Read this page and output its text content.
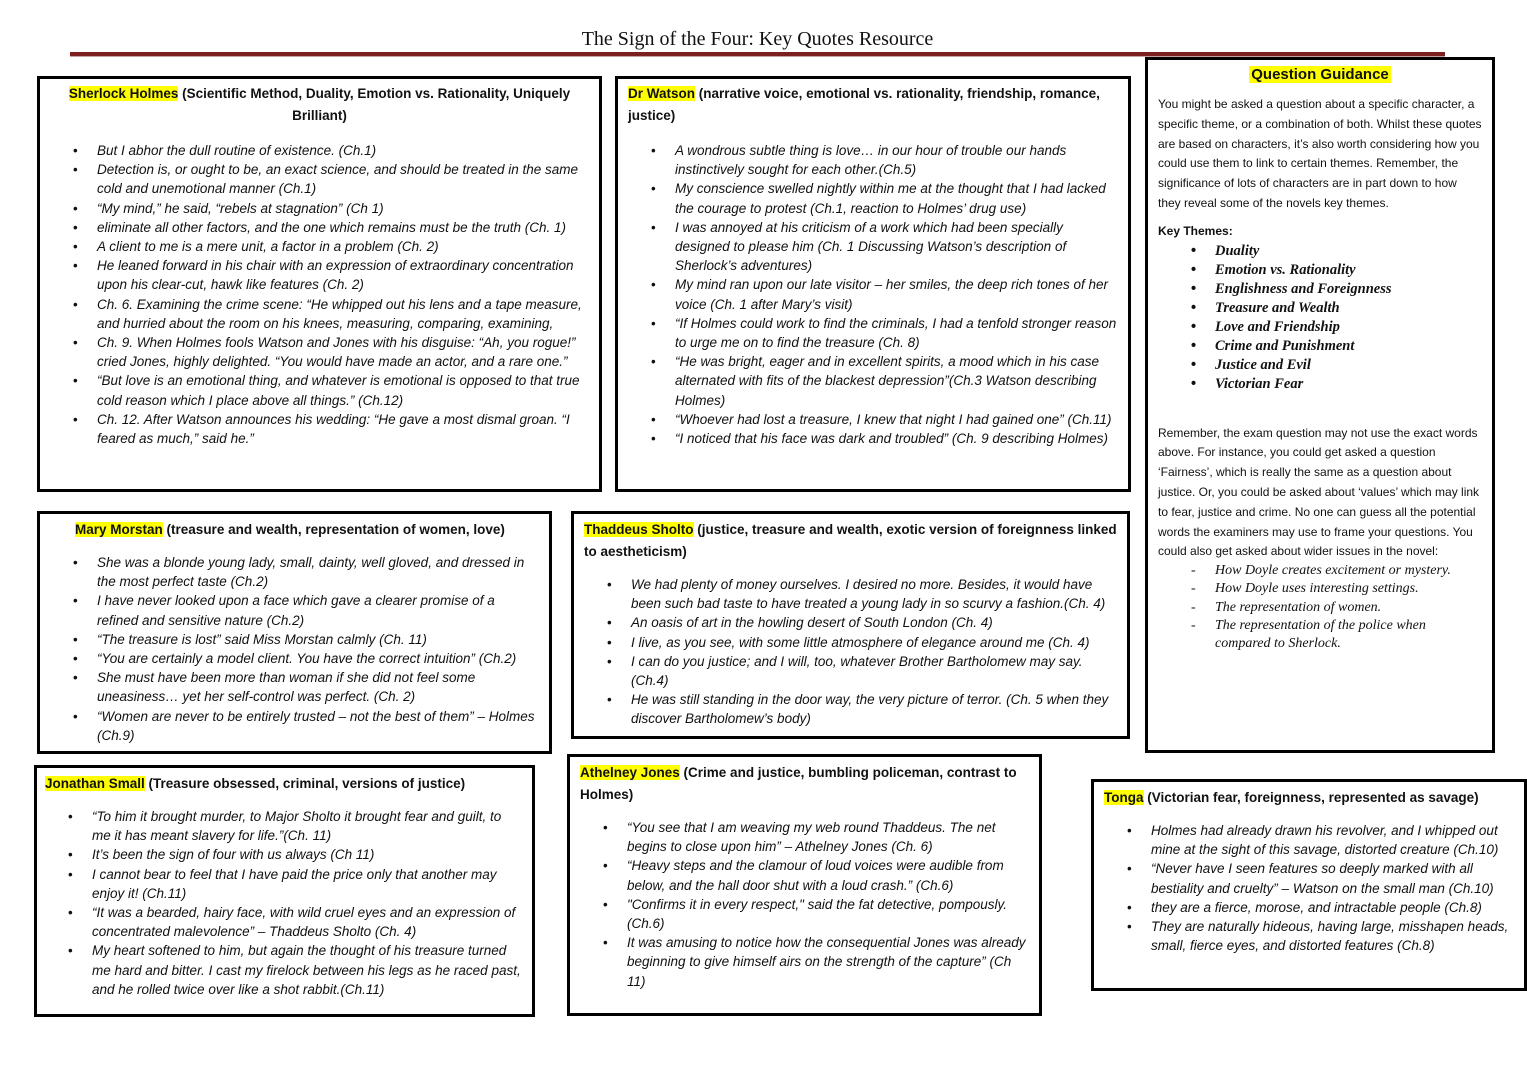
The Sign of the Four: Key Quotes Resource
Sherlock Holmes (Scientific Method, Duality, Emotion vs. Rationality, Uniquely Brilliant)
• But I abhor the dull routine of existence. (Ch.1)
• Detection is, or ought to be, an exact science, and should be treated in the same cold and unemotional manner (Ch.1)
• “My mind,” he said, “rebels at stagnation” (Ch 1)
• eliminate all other factors, and the one which remains must be the truth (Ch. 1)
• A client to me is a mere unit, a factor in a problem (Ch. 2)
• He leaned forward in his chair with an expression of extraordinary concentration upon his clear-cut, hawk like features (Ch. 2)
• Ch. 6. Examining the crime scene: “He whipped out his lens and a tape measure, and hurried about the room on his knees, measuring, comparing, examining,
• Ch. 9. When Holmes fools Watson and Jones with his disguise: “Ah, you rogue!” cried Jones, highly delighted. “You would have made an actor, and a rare one.”
• “But love is an emotional thing, and whatever is emotional is opposed to that true cold reason which I place above all things.” (Ch.12)
• Ch. 12. After Watson announces his wedding: “He gave a most dismal groan. “I feared as much,” said he.”
Dr Watson (narrative voice, emotional vs. rationality, friendship, romance, justice)
• A wondrous subtle thing is love… in our hour of trouble our hands instinctively sought for each other.(Ch.5)
• My conscience swelled nightly within me at the thought that I had lacked the courage to protest (Ch.1, reaction to Holmes’ drug use)
• I was annoyed at his criticism of a work which had been specially designed to please him (Ch. 1 Discussing Watson’s description of Sherlock’s adventures)
• My mind ran upon our late visitor – her smiles, the deep rich tones of her voice (Ch. 1 after Mary’s visit)
• “If Holmes could work to find the criminals, I had a tenfold stronger reason to urge me on to find the treasure (Ch. 8)
• “He was bright, eager and in excellent spirits, a mood which in his case alternated with fits of the blackest depression”(Ch.3 Watson describing Holmes)
• “Whoever had lost a treasure, I knew that night I had gained one” (Ch.11)
• “I noticed that his face was dark and troubled” (Ch. 9 describing Holmes)
Question Guidance

You might be asked a question about a specific character, a specific theme, or a combination of both. Whilst these quotes are based on characters, it’s also worth considering how you could use them to link to certain themes. Remember, the significance of lots of characters are in part down to how they reveal some of the novels key themes.

Key Themes:

• Duality
• Emotion vs. Rationality
• Englishness and Foreignness
• Treasure and Wealth
• Love and Friendship
• Crime and Punishment
• Justice and Evil
• Victorian Fear

Remember, the exam question may not use the exact words above. For instance, you could get asked a question ‘Fairness’, which is really the same as a question about justice. Or, you could be asked about ‘values’ which may link to fear, justice and crime. No one can guess all the potential words the examiners may use to frame your questions. You could also get asked about wider issues in the novel:

- How Doyle creates excitement or mystery.
- How Doyle uses interesting settings.
- The representation of women.
- The representation of the police when compared to Sherlock.
Mary Morstan (treasure and wealth, representation of women, love)
• She was a blonde young lady, small, dainty, well gloved, and dressed in the most perfect taste (Ch.2)
• I have never looked upon a face which gave a clearer promise of a refined and sensitive nature (Ch.2)
• “The treasure is lost” said Miss Morstan calmly (Ch. 11)
• “You are certainly a model client. You have the correct intuition” (Ch.2)
• She must have been more than woman if she did not feel some uneasiness… yet her self-control was perfect. (Ch. 2)
• “Women are never to be entirely trusted – not the best of them” – Holmes (Ch.9)
Thaddeus Sholto (justice, treasure and wealth, exotic version of foreignness linked to aestheticism)
• We had plenty of money ourselves. I desired no more. Besides, it would have been such bad taste to have treated a young lady in so scurvy a fashion.(Ch. 4)
• An oasis of art in the howling desert of South London (Ch. 4)
• I live, as you see, with some little atmosphere of elegance around me (Ch. 4)
• I can do you justice; and I will, too, whatever Brother Bartholomew may say. (Ch.4)
• He was still standing in the door way, the very picture of terror. (Ch. 5 when they discover Bartholomew’s body)
Jonathan Small (Treasure obsessed, criminal, versions of justice)
• “To him it brought murder, to Major Sholto it brought fear and guilt, to me it has meant slavery for life.”(Ch. 11)
• It’s been the sign of four with us always (Ch 11)
• I cannot bear to feel that I have paid the price only that another may enjoy it! (Ch.11)
• “It was a bearded, hairy face, with wild cruel eyes and an expression of concentrated malevolence” – Thaddeus Sholto (Ch. 4)
• My heart softened to him, but again the thought of his treasure turned me hard and bitter. I cast my firelock between his legs as he raced past, and he rolled twice over like a shot rabbit.(Ch.11)
Athelney Jones (Crime and justice, bumbling policeman, contrast to Holmes)
• “You see that I am weaving my web round Thaddeus. The net begins to close upon him” – Athelney Jones (Ch. 6)
• “Heavy steps and the clamour of loud voices were audible from below, and the hall door shut with a loud crash.” (Ch.6)
• "Confirms it in every respect," said the fat detective, pompously. (Ch.6)
• It was amusing to notice how the consequential Jones was already beginning to give himself airs on the strength of the capture” (Ch 11)
Tonga (Victorian fear, foreignness, represented as savage)
• Holmes had already drawn his revolver, and I whipped out mine at the sight of this savage, distorted creature (Ch.10)
• “Never have I seen features so deeply marked with all bestiality and cruelty” – Watson on the small man (Ch.10)
• they are a fierce, morose, and intractable people (Ch.8)
• They are naturally hideous, having large, misshapen heads, small, fierce eyes, and distorted features (Ch.8)
